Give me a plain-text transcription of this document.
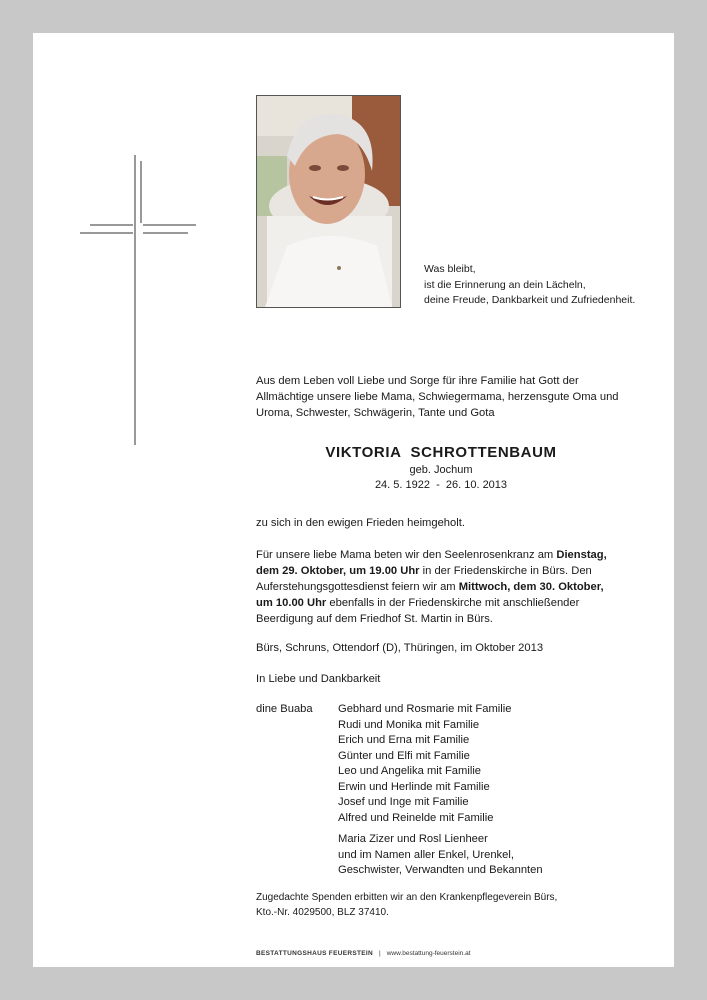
Was bleibt,
ist die Erinnerung an dein Lächeln,
deine Freude, Dankbarkeit und Zufriedenheit.
Aus dem Leben voll Liebe und Sorge für ihre Familie hat Gott der
Allmächtige unsere liebe Mama, Schwiegermama, herzensgute Oma und
Uroma, Schwester, Schwägerin, Tante und Gota
VIKTORIA  SCHROTTENBAUM
geb. Jochum
24. 5. 1922  -  26. 10. 2013
zu sich in den ewigen Frieden heimgeholt.
Für unsere liebe Mama beten wir den Seelenrosenkranz am Dienstag,
dem 29. Oktober, um 19.00 Uhr in der Friedenskirche in Bürs. Den
Auferstehungsgottesdienst feiern wir am Mittwoch, dem 30. Oktober,
um 10.00 Uhr ebenfalls in der Friedenskirche mit anschließender
Beerdigung auf dem Friedhof St. Martin in Bürs.
Bürs, Schruns, Ottendorf (D), Thüringen, im Oktober 2013
In Liebe und Dankbarkeit
dine Buaba Gebhard und Rosmarie mit Familie
Rudi und Monika mit Familie
Erich und Erna mit Familie
Günter und Elfi mit Familie
Leo und Angelika mit Familie
Erwin und Herlinde mit Familie
Josef und Inge mit Familie
Alfred und Reinelde mit Familie
Maria Zizer und Rosl Lienheer
und im Namen aller Enkel, Urenkel,
Geschwister, Verwandten und Bekannten
Zugedachte Spenden erbitten wir an den Krankenpflegeverein Bürs,
Kto.-Nr. 4029500, BLZ 37410.
BESTATTUNGSHAUS FEUERSTEIN | www.bestattung-feuerstein.at
